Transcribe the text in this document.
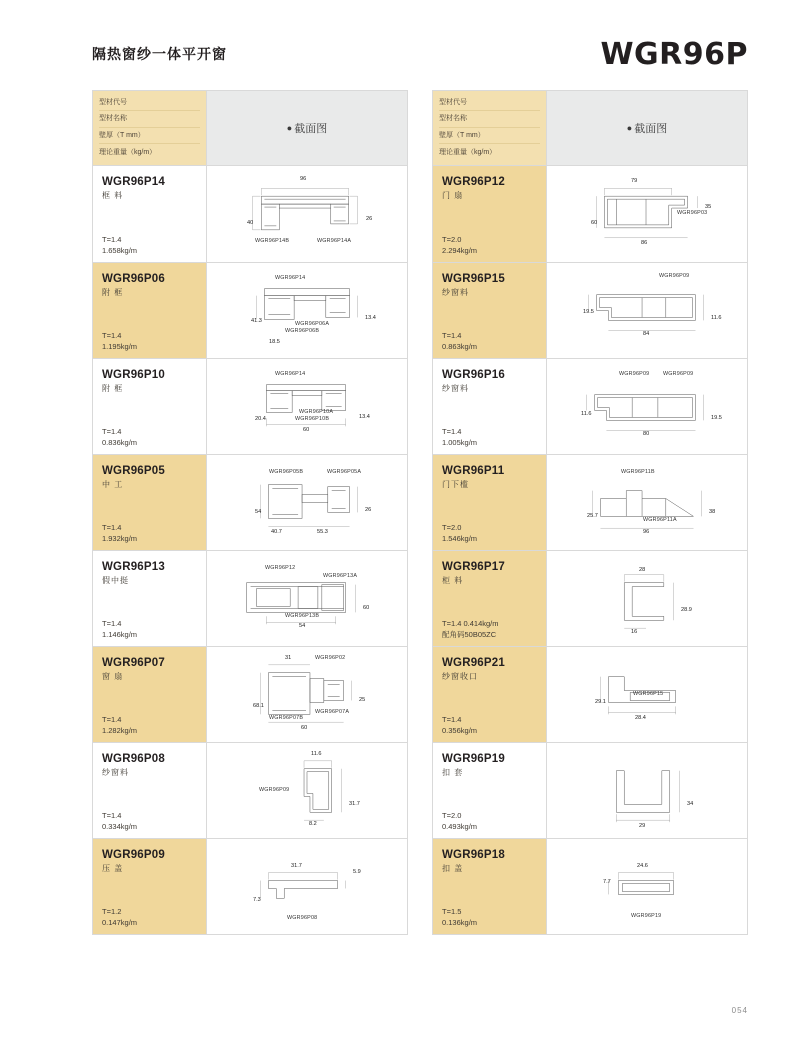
隔热窗纱一体平开窗	WGR96P
型材代号
型材名称
壁厚（T mm）
理论重量（kg/m）
● 截面图
WGR96P14
框 料
T=1.4
1.658kg/m
96
40
26
WGR96P14B	WGR96P14A
WGR96P06
附 框
T=1.4
1.195kg/m
WGR96P14
WGR96P06A
WGR96P06B
41.3
18.5
13.4
WGR96P10
附 框
T=1.4
0.836kg/m
WGR96P14
WGR96P10A
WGR96P10B
20.4	13.4
60
WGR96P05
中 工
T=1.4
1.932kg/m
WGR96P05B	WGR96P05A
54	26
40.7	55.3
WGR96P13
假中挺
T=1.4
1.146kg/m
WGR96P12
WGR96P13A
WGR96P13B
60
54
WGR96P07
窗 扇
T=1.4
1.282kg/m
31	WGR96P02
68.1
25
WGR96P07A
WGR96P07B
60
WGR96P08
纱窗料
T=1.4
0.334kg/m
11.6
31.7
8.2
WGR96P09
WGR96P09
压 盖
T=1.2
0.147kg/m
31.7
5.9
7.3
WGR96P08
型材代号
型材名称
壁厚（T mm）
理论重量（kg/m）
● 截面图
WGR96P12
门 扇
T=2.0
2.294kg/m
79
35
60
86
WGR96P03
WGR96P15
纱窗料
T=1.4
0.863kg/m
WGR96P09
19.5
84
11.6
WGR96P16
纱窗料
T=1.4
1.005kg/m
WGR96P09	WGR96P09
11.6
19.5
80
WGR96P11
门下槛
T=2.0
1.546kg/m
WGR96P11B
25.7
38
WGR96P11A
96
WGR96P17
柜 料
T=1.4 0.414kg/m
配角码50B05ZC
28
28.9
16
WGR96P21
纱窗收口
T=1.4
0.356kg/m
29.1
WGR96P15
28.4
WGR96P19
扣 套
T=2.0
0.493kg/m
34
29
WGR96P18
扣 盖
T=1.5
0.136kg/m
7.7
24.6
WGR96P19
054
